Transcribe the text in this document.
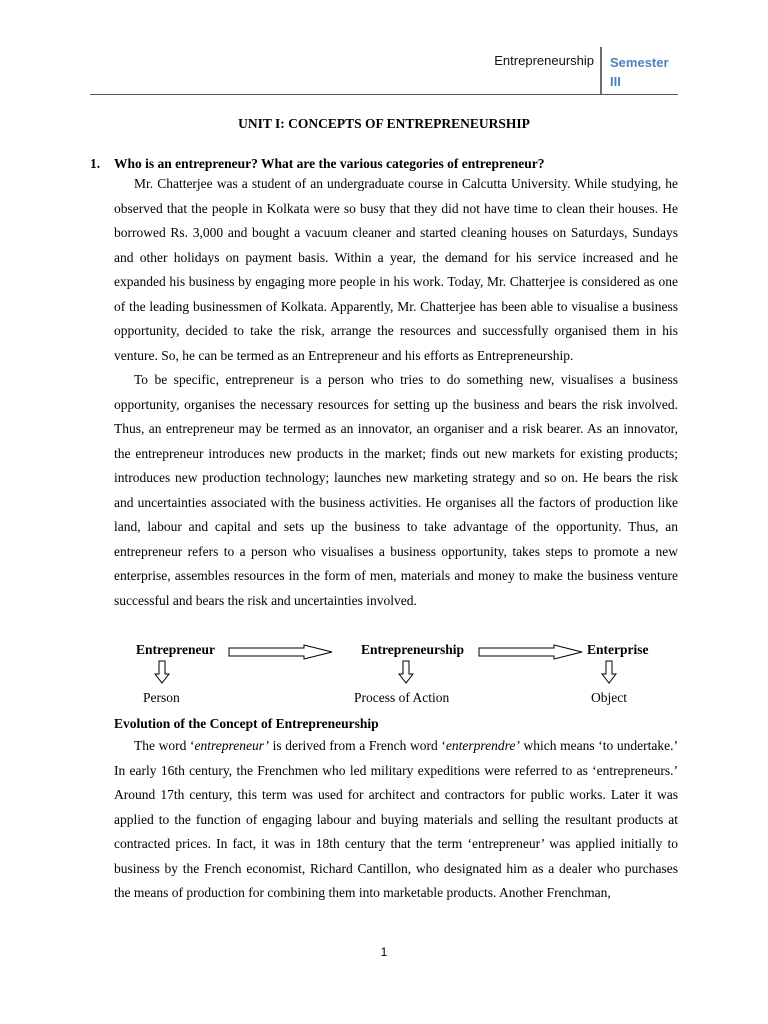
Entrepreneurship Semester III
UNIT I: CONCEPTS OF ENTREPRENEURSHIP
1. Who is an entrepreneur? What are the various categories of entrepreneur?

Mr. Chatterjee was a student of an undergraduate course in Calcutta University. While studying, he observed that the people in Kolkata were so busy that they did not have time to clean their houses. He borrowed Rs. 3,000 and bought a vacuum cleaner and started cleaning houses on Saturdays, Sundays and other holidays on payment basis. Within a year, the demand for his service increased and he expanded his business by engaging more people in his work. Today, Mr. Chatterjee is considered as one of the leading businessmen of Kolkata. Apparently, Mr. Chatterjee has been able to visualise a business opportunity, decided to take the risk, arrange the resources and successfully organised them in his venture. So, he can be termed as an Entrepreneur and his efforts as Entrepreneurship.

To be specific, entrepreneur is a person who tries to do something new, visualises a business opportunity, organises the necessary resources for setting up the business and bears the risk involved. Thus, an entrepreneur may be termed as an innovator, an organiser and a risk bearer. As an innovator, the entrepreneur introduces new products in the market; finds out new markets for existing products; introduces new production technology; launches new marketing strategy and so on. He bears the risk and uncertainties associated with the business activities. He organises all the factors of production like land, labour and capital and sets up the business to take advantage of the opportunity. Thus, an entrepreneur refers to a person who visualises a business opportunity, takes steps to promote a new enterprise, assembles resources in the form of men, materials and money to make the business venture successful and bears the risk and uncertainties involved.

Entrepreneur	Entrepreneurship	Enterprise
Person	Process of Action	Object
Evolution of the Concept of Entrepreneurship

The word ‘entrepreneur’ is derived from a French word ‘enterprendre’ which means ‘to undertake.’ In early 16th century, the Frenchmen who led military expeditions were referred to as ‘entrepreneurs.’ Around 17th century, this term was used for architect and contractors for public works. Later it was applied to the function of engaging labour and buying materials and selling the resultant products at contracted prices. In fact, it was in 18th century that the term ‘entrepreneur’ was applied initially to business by the French economist, Richard Cantillon, who designated him as a dealer who purchases the means of production for combining them into marketable products. Another Frenchman,

1
